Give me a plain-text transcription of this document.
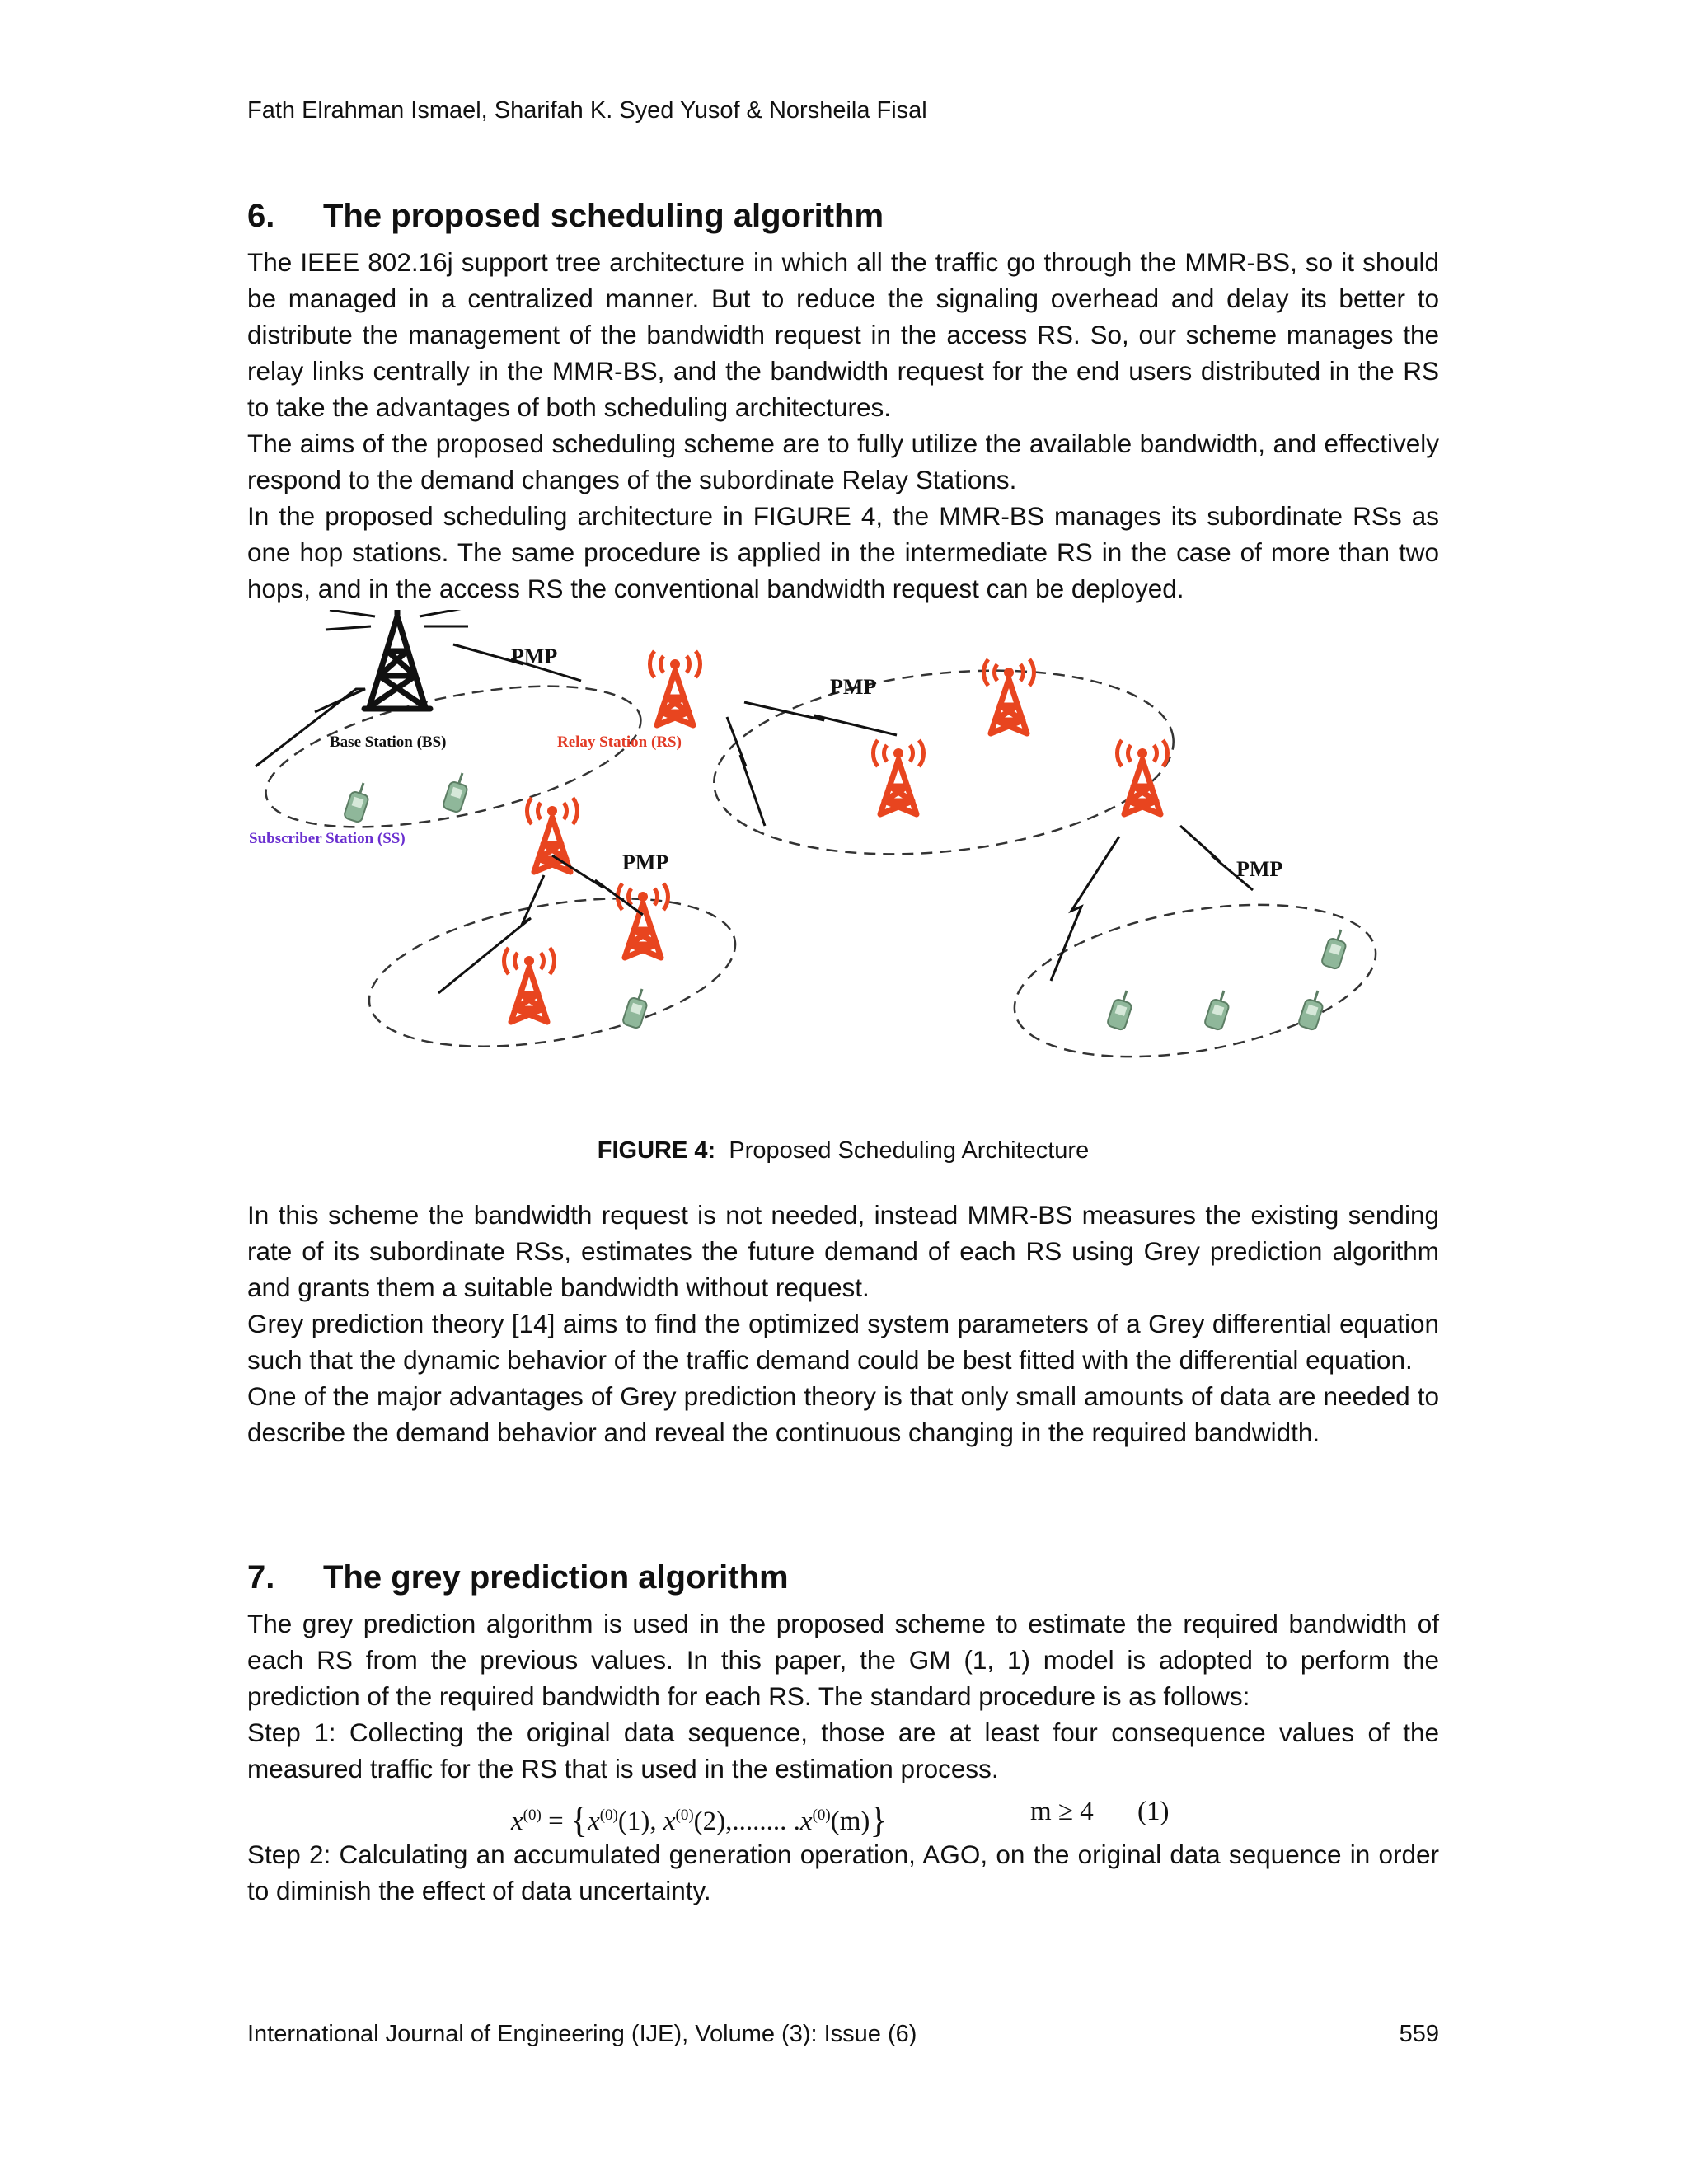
Fath Elrahman Ismael, Sharifah K. Syed Yusof & Norsheila Fisal
6. The proposed scheduling algorithm

The IEEE 802.16j support tree architecture in which all the traffic go through the MMR-BS, so it should be managed in a centralized manner. But to reduce the signaling overhead and delay its better to distribute the management of the bandwidth request in the access RS. So, our scheme manages the relay links centrally in the MMR-BS, and the bandwidth request for the end users distributed in the RS to take the advantages of both scheduling architectures.

The aims of the proposed scheduling scheme are to fully utilize the available bandwidth, and effectively respond to the demand changes of the subordinate Relay Stations.

In the proposed scheduling architecture in FIGURE 4, the MMR-BS manages its subordinate RSs as one hop stations. The same procedure is applied in the intermediate RS in the case of more than two hops, and in the access RS the conventional bandwidth request can be deployed.

PMP
PMP
PMP	PMP
Base Station (BS)	Relay Station (RS)
Subscriber Station (SS)
FIGURE 4: Proposed Scheduling Architecture

In this scheme the bandwidth request is not needed, instead MMR-BS measures the existing sending rate of its subordinate RSs, estimates the future demand of each RS using Grey prediction algorithm and grants them a suitable bandwidth without request.

Grey prediction theory [14] aims to find the optimized system parameters of a Grey differential equation such that the dynamic behavior of the traffic demand could be best fitted with the differential equation.

One of the major advantages of Grey prediction theory is that only small amounts of data are needed to describe the demand behavior and reveal the continuous changing in the required bandwidth.

7. The grey prediction algorithm

The grey prediction algorithm is used in the proposed scheme to estimate the required bandwidth of each RS from the previous values. In this paper, the GM (1, 1) model is adopted to perform the prediction of the required bandwidth for each RS. The standard procedure is as follows:

Step 1: Collecting the original data sequence, those are at least four consequence values of the measured traffic for the RS that is used in the estimation process.

$x^{(0)} = \{x^{(0)}(1)$, $x^{(0)}(2)$,........ $.x^{(0)}(m)$}	m ≥ 4 (1)

Step 2: Calculating an accumulated generation operation, AGO, on the original data sequence in order to diminish the effect of data uncertainty.

International Journal of Engineering (IJE), Volume (3): Issue (6)	559
